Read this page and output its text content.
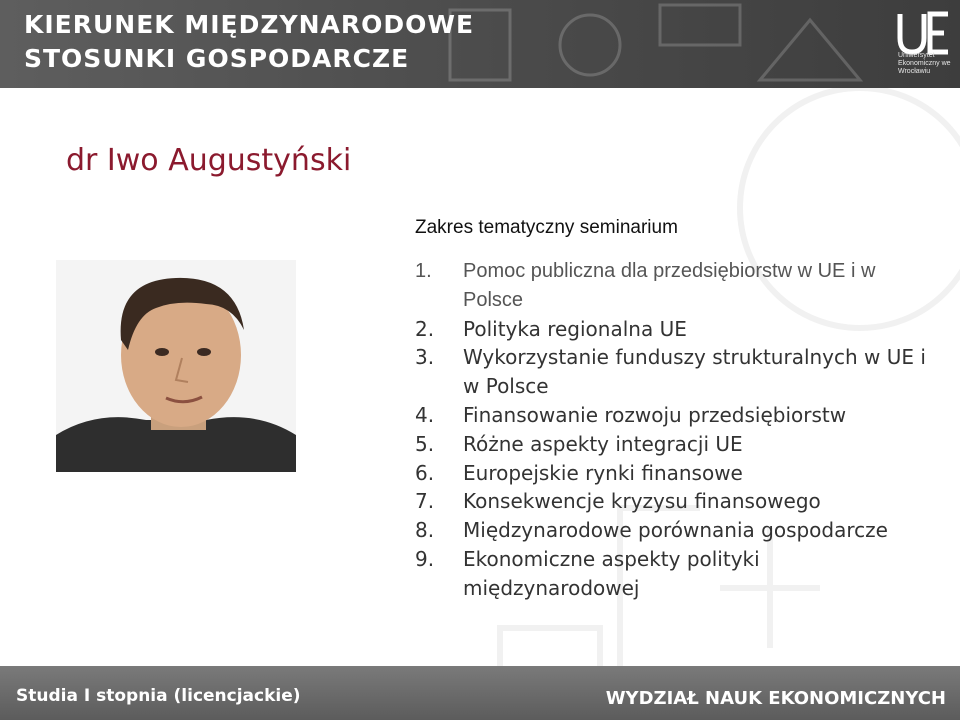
KIERUNEK MIĘDZYNARODOWE
STOSUNKI GOSPODARCZE	UE
Uniwersytet Ekonomiczny we Wrocławiu
dr Iwo Augustyński
Zakres tematyczny seminarium
1.	Pomoc publiczna dla przedsiębiorstw w UE i w Polsce
2.	Polityka regionalna UE
3.	Wykorzystanie funduszy strukturalnych w UE i w Polsce
4.	Finansowanie rozwoju przedsiębiorstw
5.	Różne aspekty integracji UE
6.	Europejskie rynki finansowe
7.	Konsekwencje kryzysu finansowego
8.	Międzynarodowe porównania gospodarcze
9.	Ekonomiczne aspekty polityki międzynarodowej
Studia I stopnia (licencjackie)	WYDZIAŁ NAUK EKONOMICZNYCH
